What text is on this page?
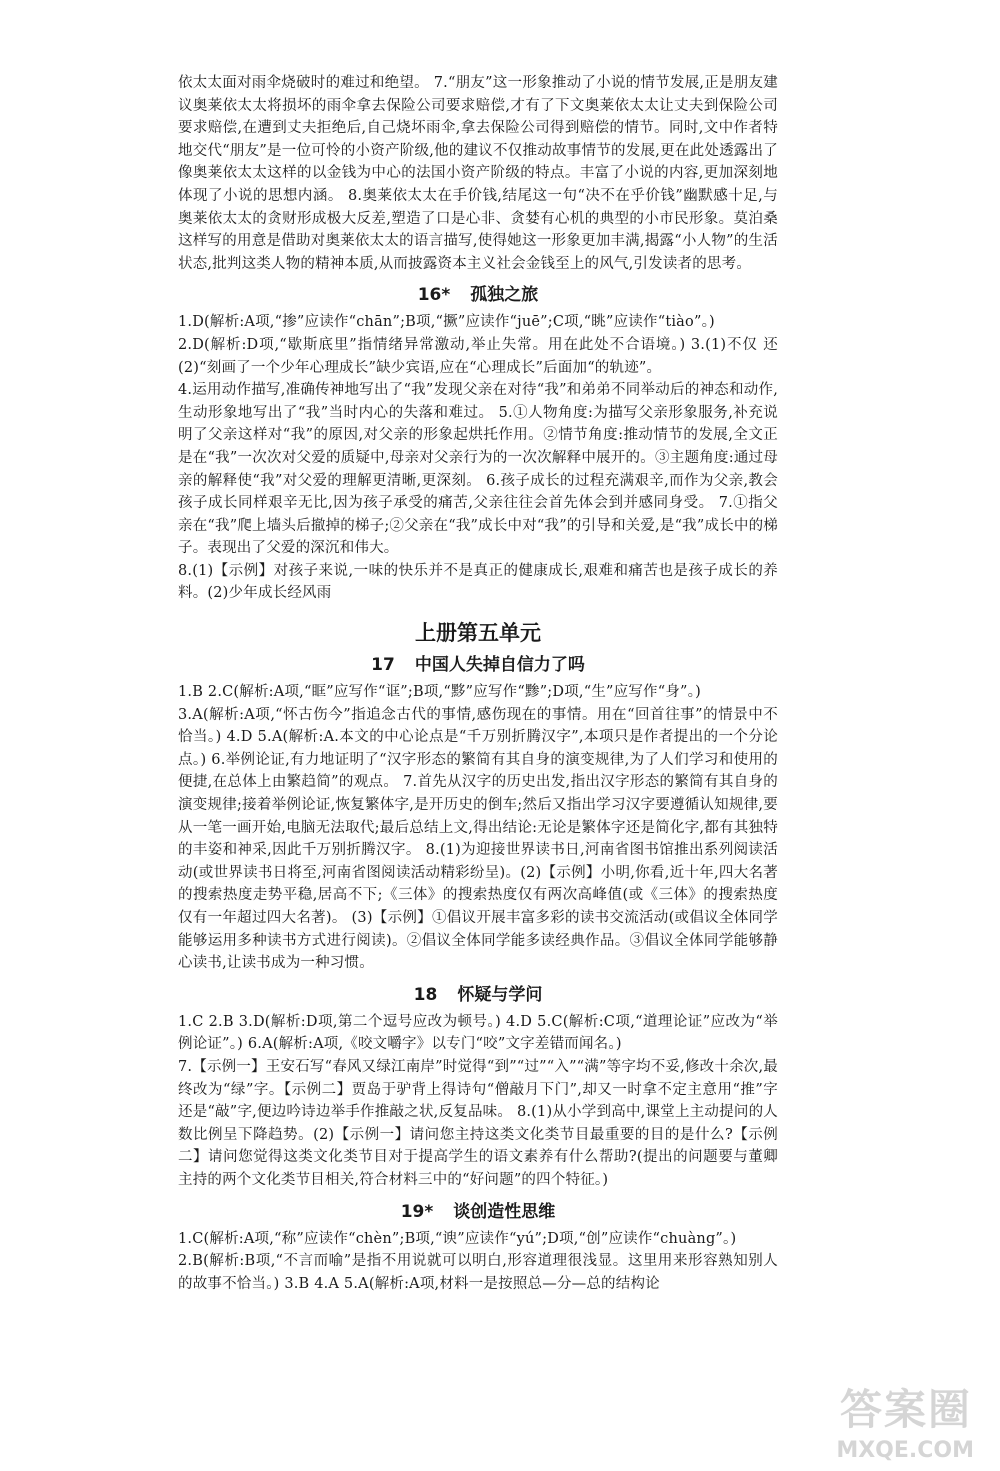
依太太面对雨伞烧破时的难过和绝望。 7.“朋友”这一形象推动了小说的情节发展,正是朋友建议奥莱依太太将损坏的雨伞拿去保险公司要求赔偿,才有了下文奥莱依太太让丈夫到保险公司要求赔偿,在遭到丈夫拒绝后,自己烧坏雨伞,拿去保险公司得到赔偿的情节。同时,文中作者特地交代“朋友”是一位可怜的小资产阶级,他的建议不仅推动故事情节的发展,更在此处透露出了像奥莱依太太这样的以金钱为中心的法国小资产阶级的特点。丰富了小说的内容,更加深刻地体现了小说的思想内涵。 8.奥莱依太太在手价钱,结尾这一句“决不在乎价钱”幽默感十足,与奥莱依太太的贪财形成极大反差,塑造了口是心非、贪婪有心机的典型的小市民形象。莫泊桑这样写的用意是借助对奥莱依太太的语言描写,使得她这一形象更加丰满,揭露“小人物”的生活状态,批判这类人物的精神本质,从而披露资本主义社会金钱至上的风气,引发读者的思考。

16* 孤独之旅

1.D(解析:A项,“掺”应读作“chān”;B项,“撅”应读作“juē”;C项,“眺”应读作“tiào”。)

2.D(解析:D项,“歇斯底里”指情绪异常激动,举止失常。用在此处不合语境。) 3.(1)不仅 还 (2)“刻画了一个少年心理成长”缺少宾语,应在“心理成长”后面加“的轨迹”。

4.运用动作描写,准确传神地写出了“我”发现父亲在对待“我”和弟弟不同举动后的神态和动作,生动形象地写出了“我”当时内心的失落和难过。 5.①人物角度:为描写父亲形象服务,补充说明了父亲这样对“我”的原因,对父亲的形象起烘托作用。②情节角度:推动情节的发展,全文正是在“我”一次次对父爱的质疑中,母亲对父亲行为的一次次解释中展开的。③主题角度:通过母亲的解释使“我”对父爱的理解更清晰,更深刻。 6.孩子成长的过程充满艰辛,而作为父亲,教会孩子成长同样艰辛无比,因为孩子承受的痛苦,父亲往往会首先体会到并感同身受。 7.①指父亲在“我”爬上墙头后撤掉的梯子;②父亲在“我”成长中对“我”的引导和关爱,是“我”成长中的梯子。表现出了父爱的深沉和伟大。

8.(1)【示例】对孩子来说,一味的快乐并不是真正的健康成长,艰难和痛苦也是孩子成长的养料。(2)少年成长经风雨

上册第五单元
17 中国人失掉自信力了吗

1.B 2.C(解析:A项,“眶”应写作“诓”;B项,“黟”应写作“黪”;D项,“生”应写作“身”。)

3.A(解析:A项,“怀古伤今”指追念古代的事情,感伤现在的事情。用在“回首往事”的情景中不恰当。) 4.D 5.A(解析:A.本文的中心论点是“千万别折腾汉字”,本项只是作者提出的一个分论点。) 6.举例论证,有力地证明了“汉字形态的繁简有其自身的演变规律,为了人们学习和使用的便捷,在总体上由繁趋简”的观点。 7.首先从汉字的历史出发,指出汉字形态的繁简有其自身的演变规律;接着举例论证,恢复繁体字,是开历史的倒车;然后又指出学习汉字要遵循认知规律,要从一笔一画开始,电脑无法取代;最后总结上文,得出结论:无论是繁体字还是简化字,都有其独特的丰姿和神采,因此千万别折腾汉字。 8.(1)为迎接世界读书日,河南省图书馆推出系列阅读活动(或世界读书日将至,河南省图阅读活动精彩纷呈)。(2)【示例】小明,你看,近十年,四大名著的搜索热度走势平稳,居高不下;《三体》的搜索热度仅有两次高峰值(或《三体》的搜索热度仅有一年超过四大名著)。 (3)【示例】①倡议开展丰富多彩的读书交流活动(或倡议全体同学能够运用多种读书方式进行阅读)。②倡议全体同学能多读经典作品。③倡议全体同学能够静心读书,让读书成为一种习惯。

18 怀疑与学问

1.C 2.B 3.D(解析:D项,第二个逗号应改为顿号。) 4.D 5.C(解析:C项,“道理论证”应改为“举例论证”。) 6.A(解析:A项,《咬文嚼字》以专门“咬”文字差错而闻名。)

7.【示例一】王安石写“春风又绿江南岸”时觉得“到”“过”“入”“满”等字均不妥,修改十余次,最终改为“绿”字。【示例二】贾岛于驴背上得诗句“僧敲月下门”,却又一时拿不定主意用“推”字还是“敲”字,便边吟诗边举手作推敲之状,反复品味。 8.(1)从小学到高中,课堂上主动提问的人数比例呈下降趋势。(2)【示例一】请问您主持这类文化类节目最重要的目的是什么?【示例二】请问您觉得这类文化类节目对于提高学生的语文素养有什么帮助?(提出的问题要与董卿主持的两个文化类节目相关,符合材料三中的“好问题”的四个特征。)

19* 谈创造性思维

1.C(解析:A项,“称”应读作“chèn”;B项,“谀”应读作“yú”;D项,“创”应读作“chuàng”。)

2.B(解析:B项,“不言而喻”是指不用说就可以明白,形容道理很浅显。这里用来形容熟知别人的故事不恰当。) 3.B 4.A 5.A(解析:A项,材料一是按照总—分—总的结构论

答案圈
MXQE.COM
